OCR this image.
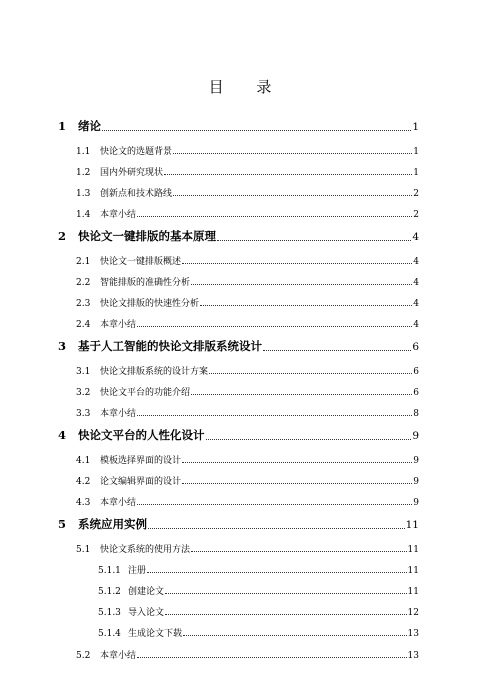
目 录
1	绪论	1
1.1	快论文的选题背景	1
1.2	国内外研究现状	1
1.3	创新点和技术路线	2
1.4	本章小结	2
2	快论文一键排版的基本原理	4
2.1	快论文一键排版概述	4
2.2	智能排版的准确性分析	4
2.3	快论文排版的快速性分析	4
2.4	本章小结	4
3	基于人工智能的快论文排版系统设计	6
3.1	快论文排版系统的设计方案	6
3.2	快论文平台的功能介绍	6
3.3	本章小结	8
4	快论文平台的人性化设计	9
4.1	模板选择界面的设计	9
4.2	论文编辑界面的设计	9
4.3	本章小结	9
5	系统应用实例	11
5.1	快论文系统的使用方法	11
5.1.1 注册	11
5.1.2 创建论文	11
5.1.3 导入论文	12
5.1.4 生成论文下载	13
5.2	本章小结	13
